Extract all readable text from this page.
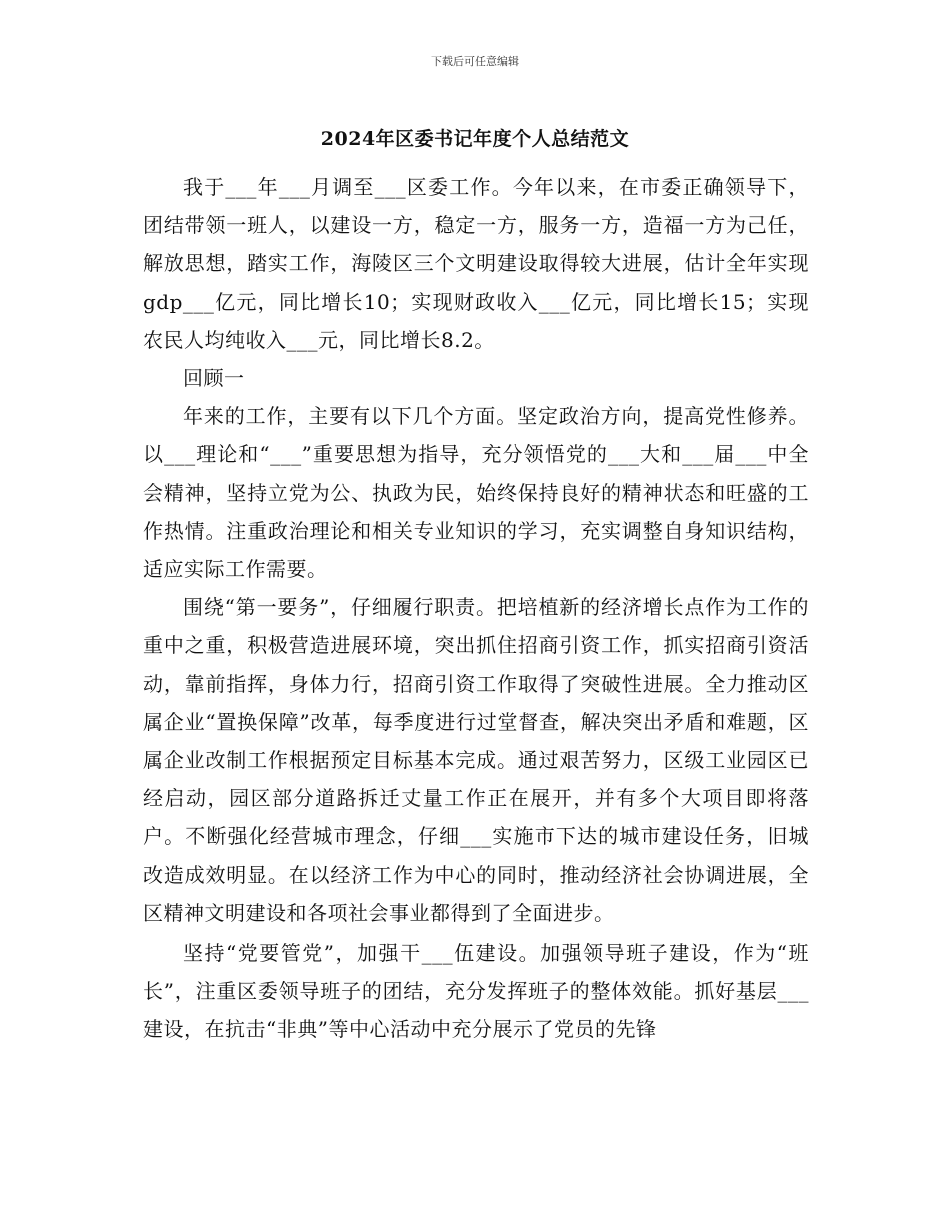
下载后可任意编辑
2024年区委书记年度个人总结范文

我于___年___月调至___区委工作。今年以来，在市委正确领导下，团结带领一班人，以建设一方，稳定一方，服务一方，造福一方为己任，解放思想，踏实工作，海陵区三个文明建设取得较大进展，估计全年实现gdp___亿元，同比增长10；实现财政收入___亿元，同比增长15；实现农民人均纯收入___元，同比增长8.2。

回顾一

年来的工作，主要有以下几个方面。坚定政治方向，提高党性修养。以___理论和“___”重要思想为指导，充分领悟党的___大和___届___中全会精神，坚持立党为公、执政为民，始终保持良好的精神状态和旺盛的工作热情。注重政治理论和相关专业知识的学习，充实调整自身知识结构，适应实际工作需要。

围绕“第一要务”，仔细履行职责。把培植新的经济增长点作为工作的重中之重，积极营造进展环境，突出抓住招商引资工作，抓实招商引资活动，靠前指挥，身体力行，招商引资工作取得了突破性进展。全力推动区属企业“置换保障”改革，每季度进行过堂督查，解决突出矛盾和难题，区属企业改制工作根据预定目标基本完成。通过艰苦努力，区级工业园区已经启动，园区部分道路拆迁丈量工作正在展开，并有多个大项目即将落户。不断强化经营城市理念，仔细___实施市下达的城市建设任务，旧城改造成效明显。在以经济工作为中心的同时，推动经济社会协调进展，全区精神文明建设和各项社会事业都得到了全面进步。

坚持“党要管党”，加强干___伍建设。加强领导班子建设，作为“班长”，注重区委领导班子的团结，充分发挥班子的整体效能。抓好基层___建设，在抗击“非典”等中心活动中充分展示了党员的先锋
